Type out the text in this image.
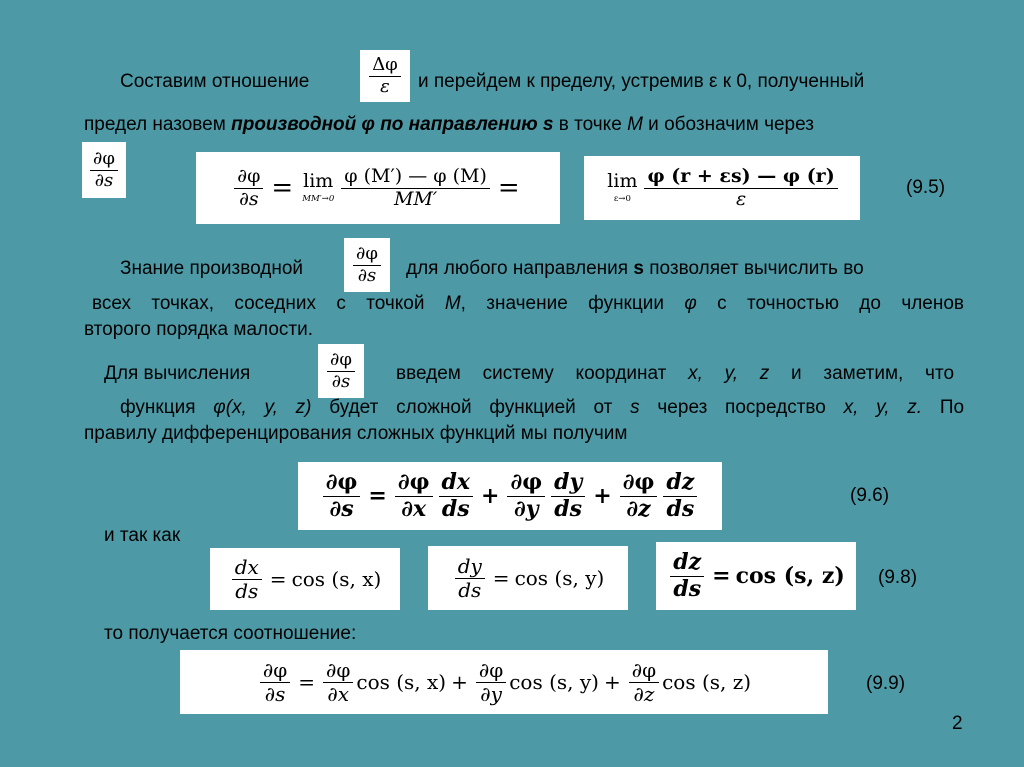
Составим отношение	$\frac{\Delta\varphi}{\varepsilon}$ и перейдем к пределу, устремив ε к 0, полученный
предел назовем производной φ по направлению s в точке M и обозначим через
$\frac{\partial\varphi}{\partial s}$	$\frac{\partial\varphi}{\partial s} = \lim$
$MM'\to 0 \frac{\varphi (M') — \varphi (M)}{MM'}$ =	lim
$\varepsilon\to 0 \frac{\varphi (r + \varepsilon s) — \varphi (r)}{\varepsilon}$	(9.5)
Знание производной	$\frac{\partial\varphi}{\partial s}$ для любого направления s позволяет вычислить во
всех точках, соседних с точкой M, значение функции φ с точностью до членов
второго порядка малости.
Для вычисления	$\frac{\partial\varphi}{\partial s}$ введем системy координат x, y, z и заметим, что
функция φ(x, y, z) будет сложной функцией от s через посредство x, y, z. По
правилу дифференцирования сложных функций мы получим
$\frac{\partial\varphi}{\partial s} = \frac{\partial\varphi}{\partial x} \frac{dx}{ds} + \frac{\partial\varphi}{\partial y} \frac{dy}{ds} + \frac{\partial\varphi}{\partial z} \frac{dz}{ds}$	(9.6)
и так как
$\frac{dx}{ds} = \cos (s$, x)	$\frac{dy}{ds} = \cos (s$, y)	$\frac{dz}{ds} = \cos (s$, z) (9.8)
то получается соотношение:
$\frac{\partial\varphi}{\partial s} = \frac{\partial\varphi}{\partial x}$ cos (s, $x) + \frac{\partial\varphi}{\partial y}$ cos (s, $y) + \frac{\partial\varphi}{\partial z}$ cos (s, z)	(9.9)
2
